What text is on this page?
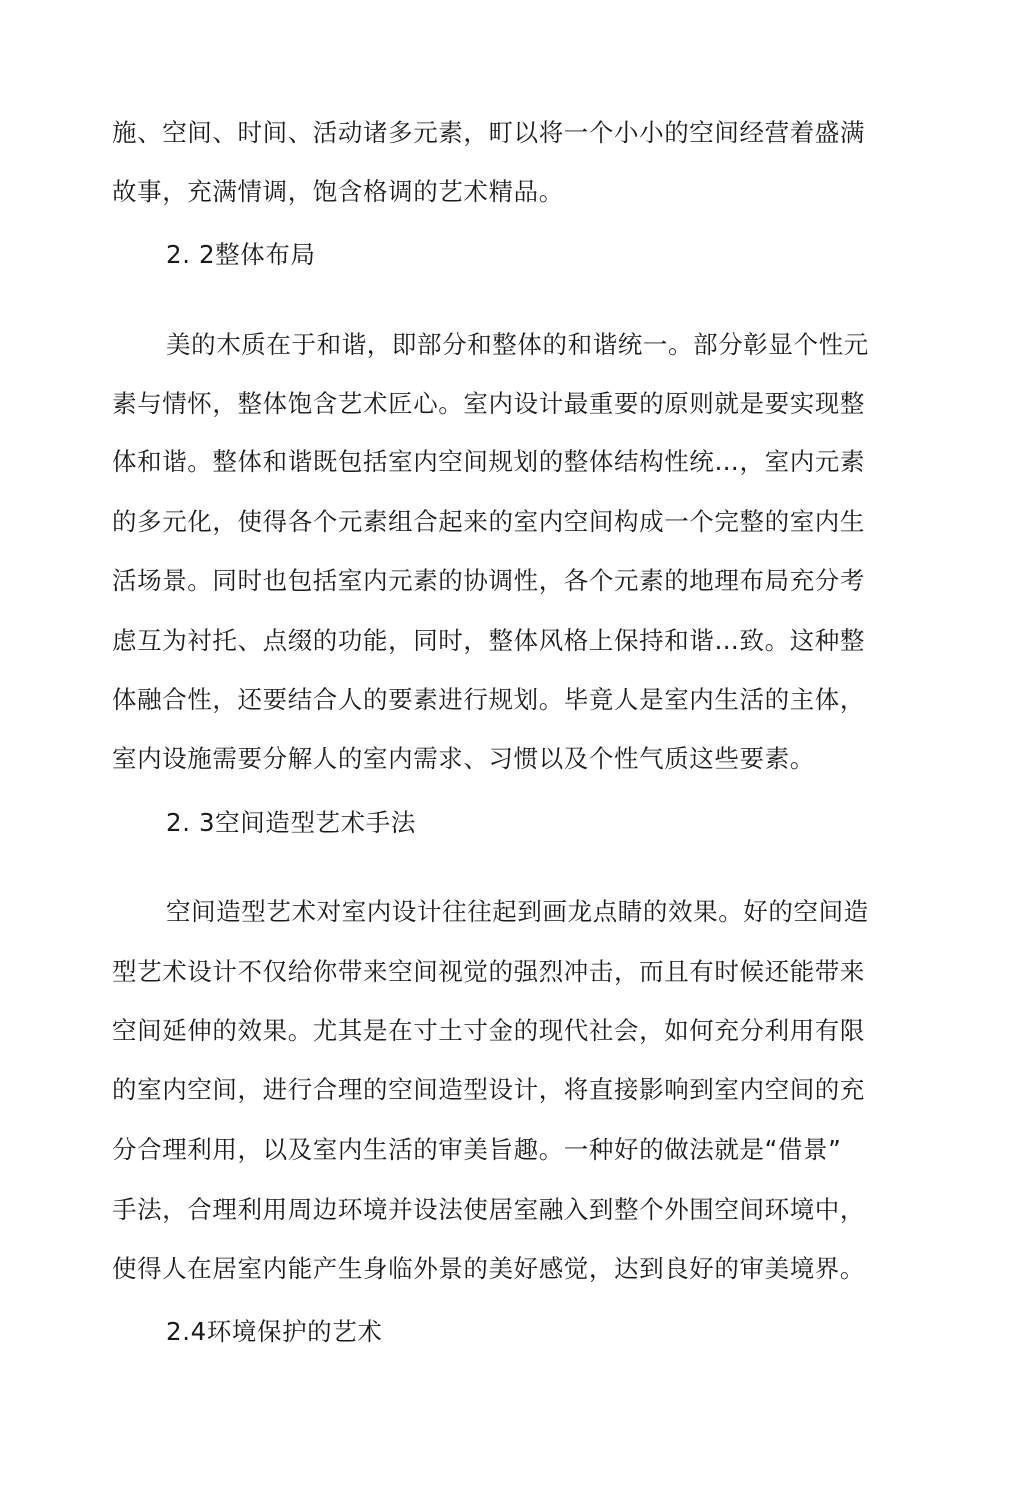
施、空间、时间、活动诸多元素，町以将一个小小的空间经营着盛满
故事，充满情调，饱含格调的艺术精品。
2. 2整体布局
美的木质在于和谐，即部分和整体的和谐统一。部分彰显个性元
素与情怀，整体饱含艺术匠心。室内设计最重要的原则就是要实现整
体和谐。整体和谐既包括室内空间规划的整体结构性统…，室内元素
的多元化，使得各个元素组合起来的室内空间构成一个完整的室内生
活场景。同时也包括室内元素的协调性，各个元素的地理布局充分考
虑互为衬托、点缀的功能，同时，整体风格上保持和谐…致。这种整
体融合性，还要结合人的要素进行规划。毕竟人是室内生活的主体，
室内设施需要分解人的室内需求、习惯以及个性气质这些要素。
2. 3空间造型艺术手法
空间造型艺术对室内设计往往起到画龙点睛的效果。好的空间造
型艺术设计不仅给你带来空间视觉的强烈冲击，而且有时候还能带来
空间延伸的效果。尤其是在寸土寸金的现代社会，如何充分利用有限
的室内空间，进行合理的空间造型设计，将直接影响到室内空间的充
分合理利用，以及室内生活的审美旨趣。一种好的做法就是“借景”
手法，合理利用周边环境并设法使居室融入到整个外围空间环境中，
使得人在居室内能产生身临外景的美好感觉，达到良好的审美境界。
2.4环境保护的艺术
